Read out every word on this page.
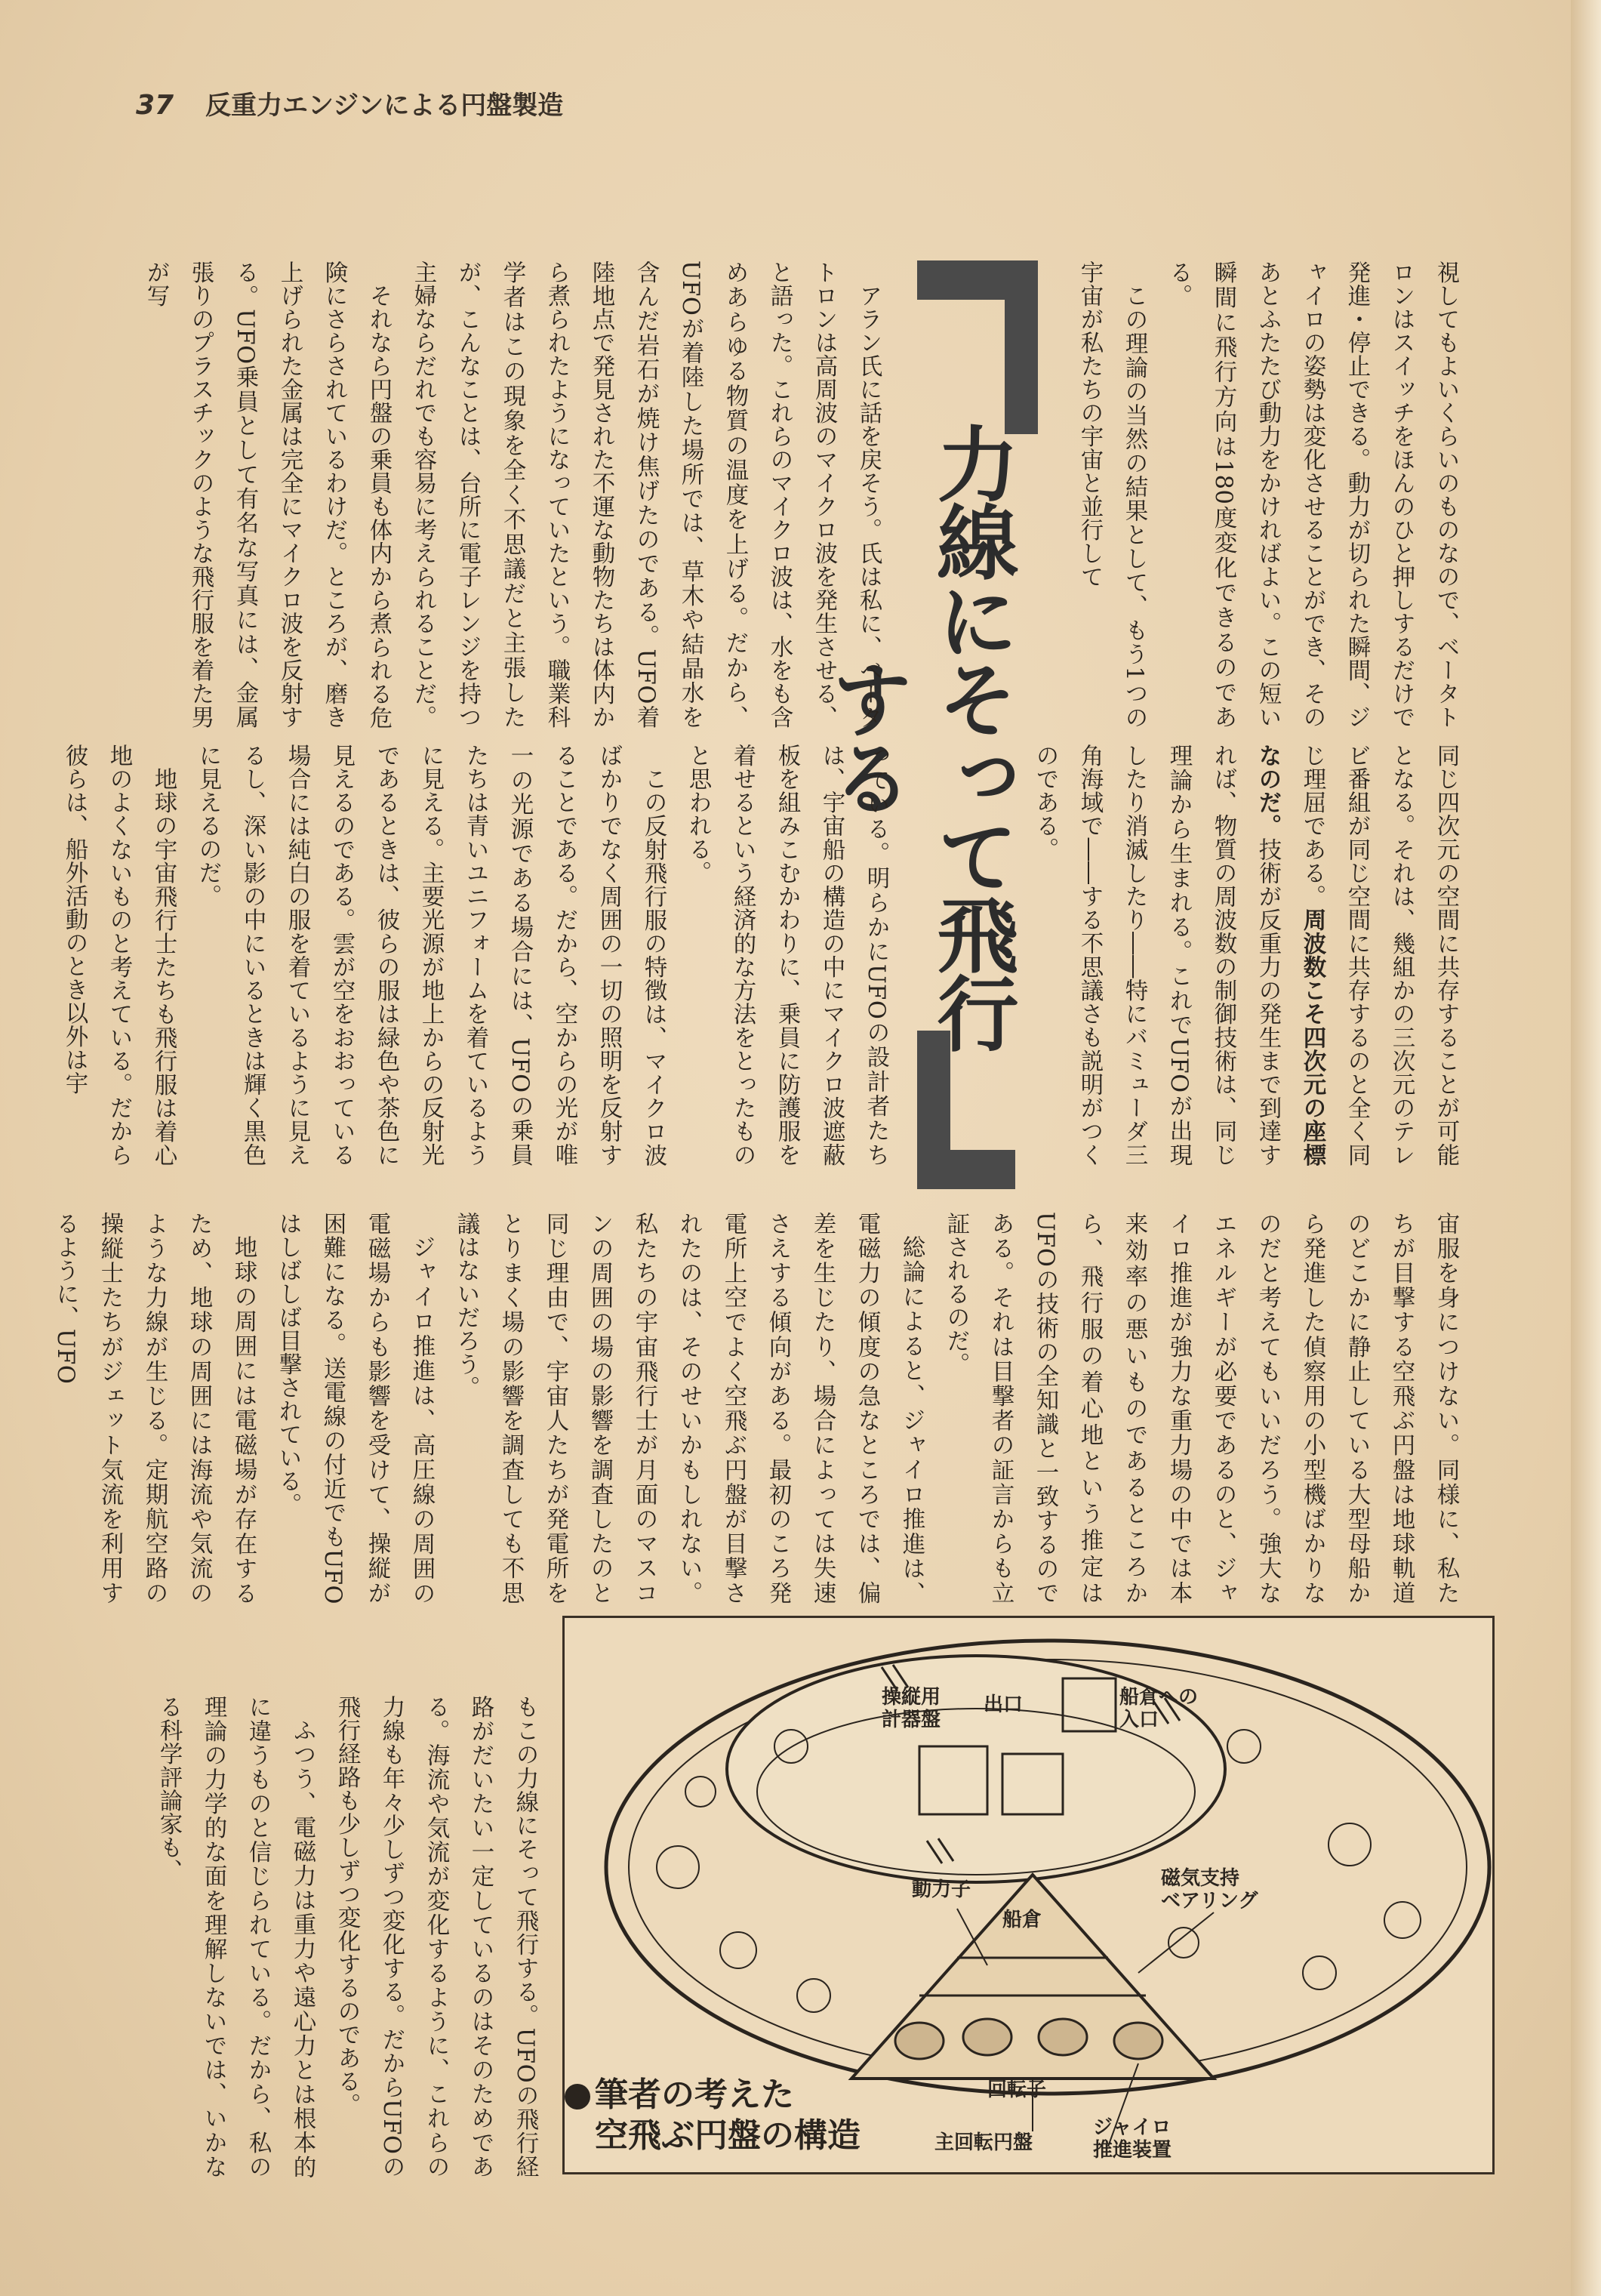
37 反重力エンジンによる円盤製造

視してもよいくらいのものなので、ベータトロンはスイッチをほんのひと押しするだけで発進・停止できる。動力が切られた瞬間、ジャイロの姿勢は変化させることができ、そのあとふたたび動力をかければよい。この短い瞬間に飛行方向は180度変化できるのである。

この理論の当然の結果として、もう1つの宇宙が私たちの宇宙と並行して

力線にそって飛行する

アラン氏に話を戻そう。氏は私に、ベータトロンは高周波のマイクロ波を発生させる、と語った。これらのマイクロ波は、水をも含めあらゆる物質の温度を上げる。だから、UFOが着陸した場所では、草木や結晶水を含んだ岩石が焼け焦げたのである。UFO着陸地点で発見された不運な動物たちは体内から煮られたようになっていたという。職業科学者はこの現象を全く不思議だと主張したが、こんなことは、台所に電子レンジを持つ主婦ならだれでも容易に考えられることだ。

それなら円盤の乗員も体内から煮られる危険にさらされているわけだ。ところが、磨き上げられた金属は完全にマイクロ波を反射する。UFO乗員として有名な写真には、金属張りのプラスチックのような飛行服を着た男が写

同じ四次元の空間に共存することが可能となる。それは、幾組かの三次元のテレビ番組が同じ空間に共存するのと全く同じ理屈である。周波数こそ四次元の座標なのだ。技術が反重力の発生まで到達すれば、物質の周波数の制御技術は、同じ理論から生まれる。これでUFOが出現したり消滅したり――特にバミューダ三角海域で――する不思議さも説明がつくのである。

っている。明らかにUFOの設計者たちは、宇宙船の構造の中にマイクロ波遮蔽板を組みこむかわりに、乗員に防護服を着せるという経済的な方法をとったものと思われる。

この反射飛行服の特徴は、マイクロ波ばかりでなく周囲の一切の照明を反射することである。だから、空からの光が唯一の光源である場合には、UFOの乗員たちは青いユニフォームを着ているように見える。主要光源が地上からの反射光であるときは、彼らの服は緑色や茶色に見えるのである。雲が空をおおっている場合には純白の服を着ているように見えるし、深い影の中にいるときは輝く黒色に見えるのだ。

地球の宇宙飛行士たちも飛行服は着心地のよくないものと考えている。だから彼らは、船外活動のとき以外は宇

宙服を身につけない。同様に、私たちが目撃する空飛ぶ円盤は地球軌道のどこかに静止している大型母船から発進した偵察用の小型機ばかりなのだと考えてもいいだろう。強大なエネルギーが必要であるのと、ジャイロ推進が強力な重力場の中では本来効率の悪いものであるところから、飛行服の着心地という推定はUFOの技術の全知識と一致するのである。それは目撃者の証言からも立証されるのだ。

総論によると、ジャイロ推進は、電磁力の傾度の急なところでは、偏差を生じたり、場合によっては失速さえする傾向がある。最初のころ発電所上空でよく空飛ぶ円盤が目撃されたのは、そのせいかもしれない。私たちの宇宙飛行士が月面のマスコンの周囲の場の影響を調査したのと同じ理由で、宇宙人たちが発電所をとりまく場の影響を調査しても不思議はないだろう。

ジャイロ推進は、高圧線の周囲の電磁場からも影響を受けて、操縦が困難になる。送電線の付近でもUFOはしばしば目撃されている。

地球の周囲には電磁場が存在するため、地球の周囲には海流や気流のような力線が生じる。定期航空路の操縦士たちがジェット気流を利用するように、UFO

もこの力線にそって飛行する。UFOの飛行経路がだいたい一定しているのはそのためである。海流や気流が変化するように、これらの力線も年々少しずつ変化する。だからUFOの飛行経路も少しずつ変化するのである。

ふつう、電磁力は重力や遠心力とは根本的に違うものと信じられている。だから、私の理論の力学的な面を理解しないでは、いかなる科学評論家も、	操縦用
計器盤
出口	船倉への
入口
磁気支持
ベアリング
動力子
船倉
回転子
主回転円盤
ジャイロ
推進装置
筆者の考えた
空飛ぶ円盤の構造
